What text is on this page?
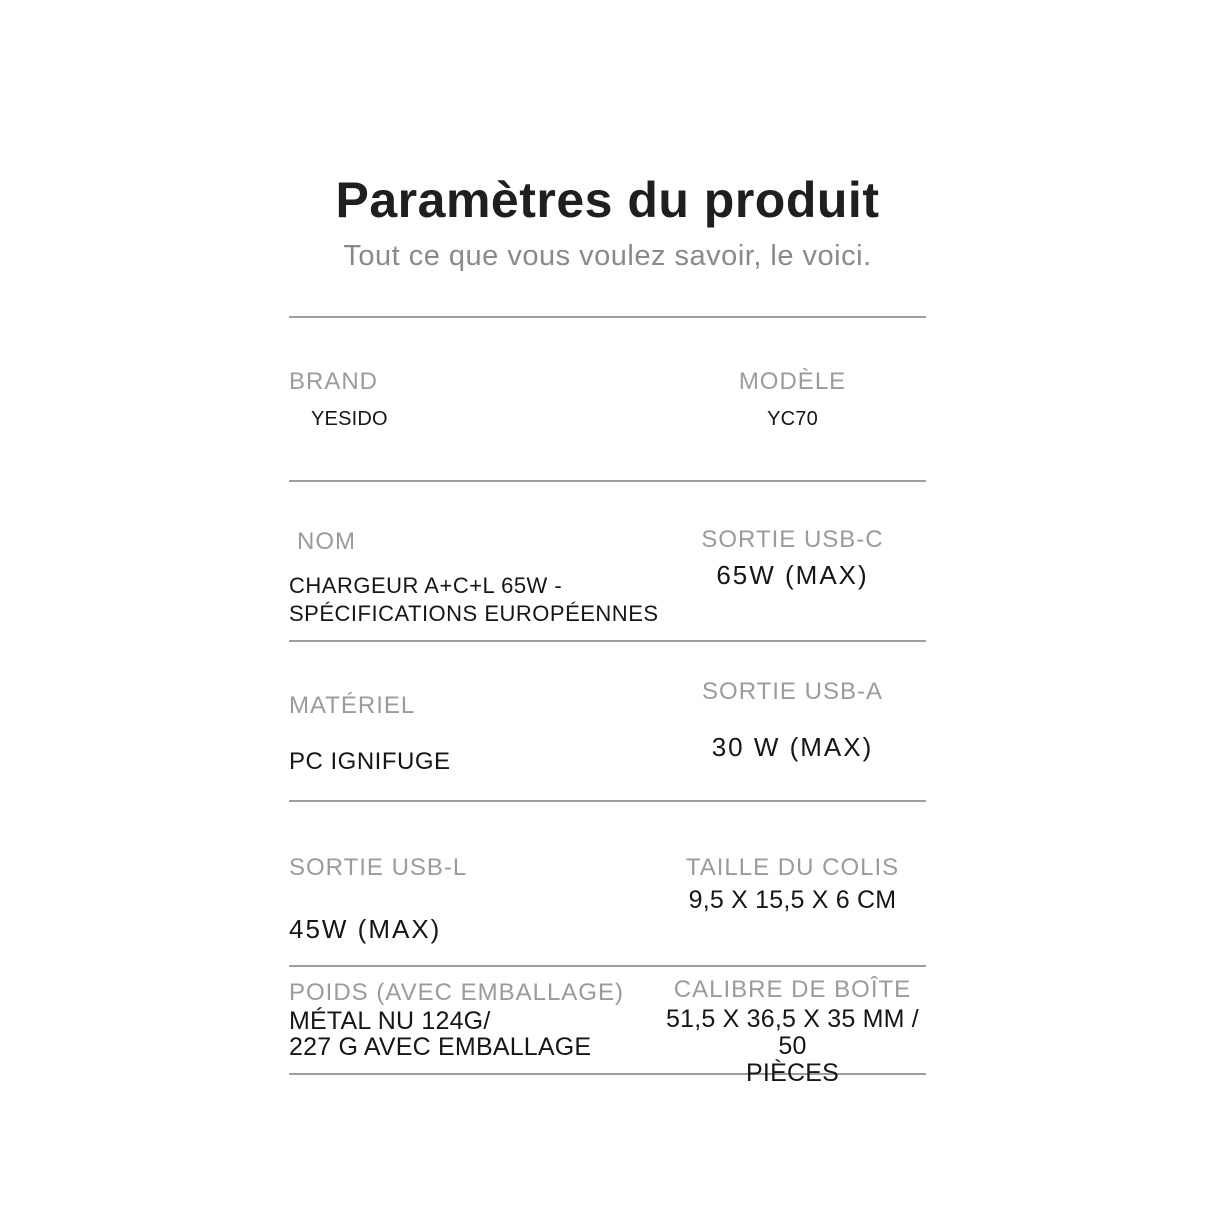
Paramètres du produit
Tout ce que vous voulez savoir, le voici.
BRAND
YESIDO
MODÈLE
YC70
NOM
CHARGEUR A+C+L 65W -
SPÉCIFICATIONS EUROPÉENNES
SORTIE USB-C
65W (MAX)
MATÉRIEL
PC IGNIFUGE
SORTIE USB-A
30 W (MAX)
SORTIE USB-L
45W (MAX)
TAILLE DU COLIS
9,5 X 15,5 X 6 CM
POIDS (AVEC EMBALLAGE)
MÉTAL NU 124G/
227 G AVEC EMBALLAGE
CALIBRE DE BOÎTE
51,5 X 36,5 X 35 MM / 50
PIÈCES
